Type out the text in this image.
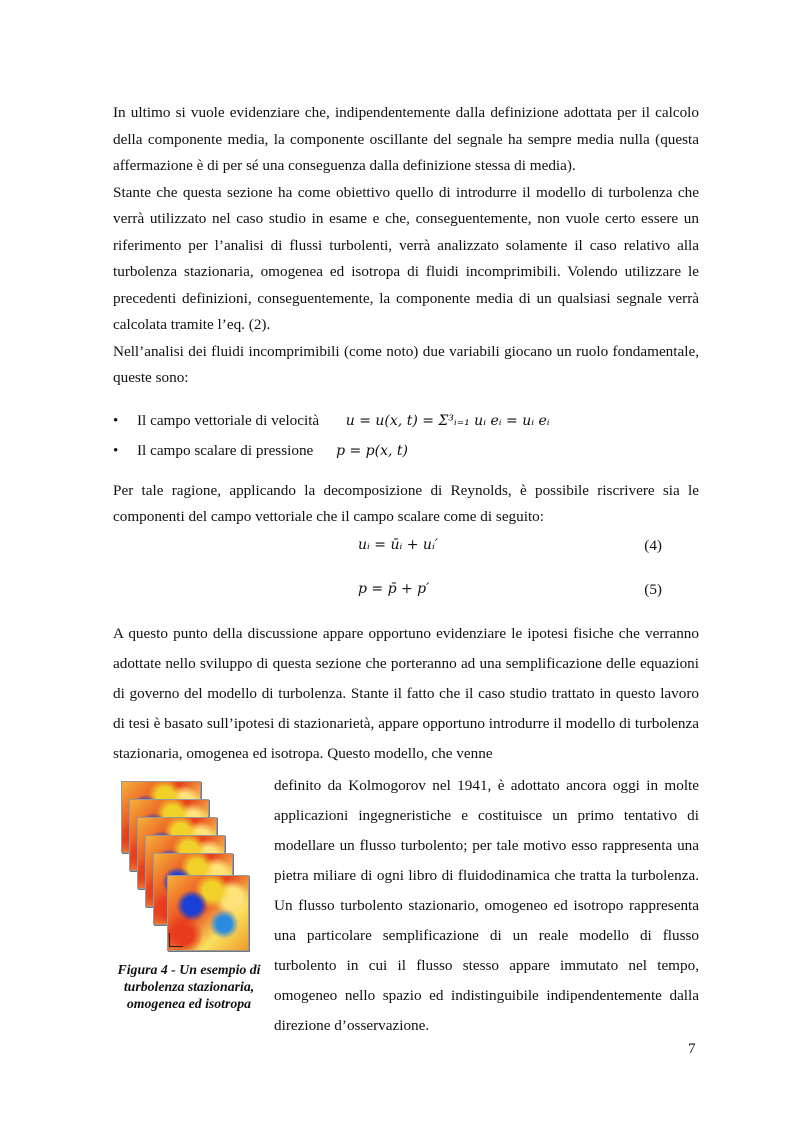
In ultimo si vuole evidenziare che, indipendentemente dalla definizione adottata per il calcolo della componente media, la componente oscillante del segnale ha sempre media nulla (questa affermazione è di per sé una conseguenza dalla definizione stessa di media).

Stante che questa sezione ha come obiettivo quello di introdurre il modello di turbolenza che verrà utilizzato nel caso studio in esame e che, conseguentemente, non vuole certo essere un riferimento per l’analisi di flussi turbolenti, verrà analizzato solamente il caso relativo alla turbolenza stazionaria, omogenea ed isotropa di fluidi incomprimibili. Volendo utilizzare le precedenti definizioni, conseguentemente, la componente media di un qualsiasi segnale verrà calcolata tramite l’eq. (2).

Nell’analisi dei fluidi incomprimibili (come noto) due variabili giocano un ruolo fondamentale, queste sono:

• Il campo vettoriale di velocità u = u(x, t) = Σ³ᵢ₌₁ uᵢ eᵢ = uᵢ eᵢ
• Il campo scalare di pressione p = p(x, t)

Per tale ragione, applicando la decomposizione di Reynolds, è possibile riscrivere sia le componenti del campo vettoriale che il campo scalare come di seguito:

uᵢ = ūᵢ + uᵢ′	(4)
p = p̄ + p′	(5)

A questo punto della discussione appare opportuno evidenziare le ipotesi fisiche che verranno adottate nello sviluppo di questa sezione che porteranno ad una semplificazione delle equazioni di governo del modello di turbolenza. Stante il fatto che il caso studio trattato in questo lavoro di tesi è basato sull’ipotesi di stazionarietà, appare opportuno introdurre il modello di turbolenza stazionaria, omogenea ed isotropa. Questo modello, che venne

Figura 4 - Un esempio di turbolenza stazionaria, omogenea ed isotropa

definito da Kolmogorov nel 1941, è adottato ancora oggi in molte applicazioni ingegneristiche e costituisce un primo tentativo di modellare un flusso turbolento; per tale motivo esso rappresenta una pietra miliare di ogni libro di fluidodinamica che tratta la turbolenza. Un flusso turbolento stazionario, omogeneo ed isotropo rappresenta una particolare semplificazione di un reale modello di flusso turbolento in cui il flusso stesso appare immutato nel tempo, omogeneo nello spazio ed indistinguibile indipendentemente dalla direzione d’osservazione.

7
